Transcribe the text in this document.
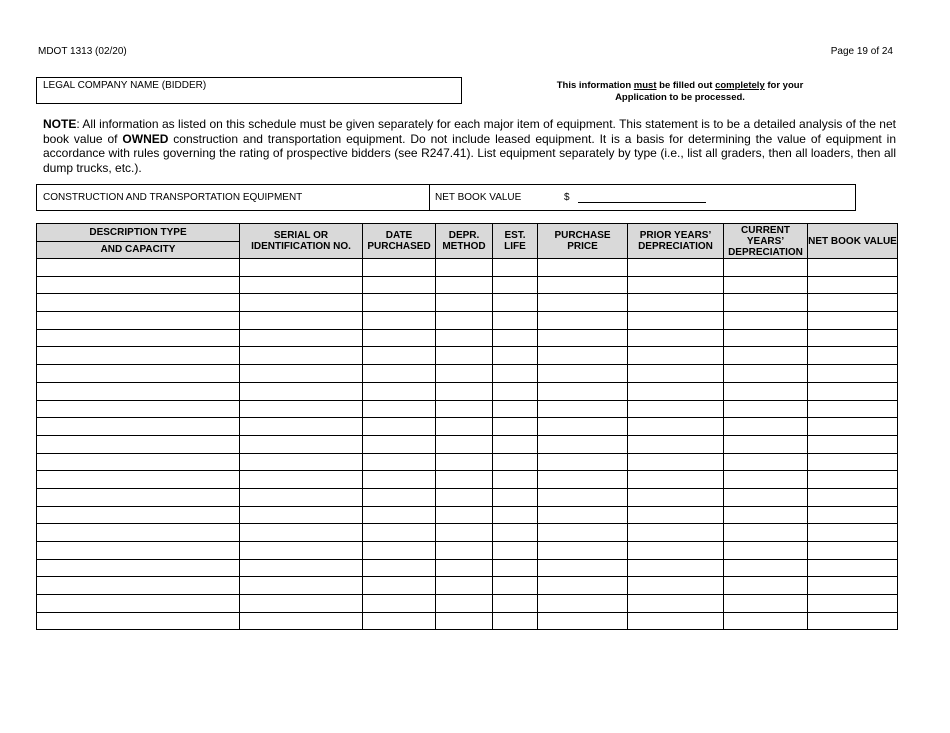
MDOT 1313 (02/20)	Page 19 of 24
LEGAL COMPANY NAME (BIDDER)	This information must be filled out completely for your
Application to be processed.
NOTE: All information as listed on this schedule must be given separately for each major item of equipment. This statement is to be a detailed analysis of the net book value of OWNED construction and transportation equipment. Do not include leased equipment. It is a basis for determining the value of equipment in accordance with rules governing the rating of prospective bidders (see R247.41). List equipment separately by type (i.e., list all graders, then all loaders, then all dump trucks, etc.).
CONSTRUCTION AND TRANSPORTATION EQUIPMENT	NET BOOK VALUE	$
DESCRIPTION TYPE
AND CAPACITY	SERIAL OR IDENTIFICATION NO.	DATE PURCHASED	DEPR. METHOD	EST. LIFE	PURCHASE PRICE	PRIOR YEARS’ DEPRECIATION	CURRENT YEARS’ DEPRECIATION	NET BOOK VALUE
